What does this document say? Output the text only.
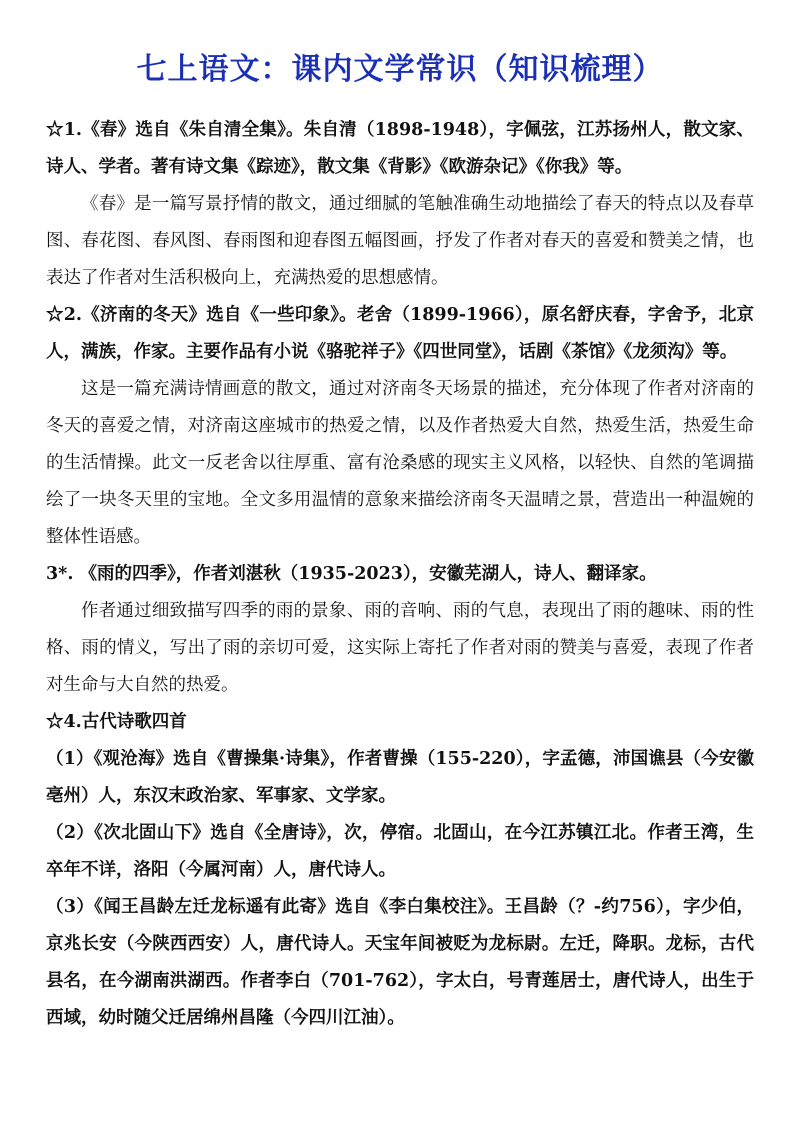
七上语文：课内文学常识（知识梳理）

☆1.《春》选自《朱自清全集》。朱自清（1898-1948），字佩弦，江苏扬州人，散文家、诗人、学者。著有诗文集《踪迹》，散文集《背影》《欧游杂记》《你我》等。

《春》是一篇写景抒情的散文，通过细腻的笔触准确生动地描绘了春天的特点以及春草图、春花图、春风图、春雨图和迎春图五幅图画，抒发了作者对春天的喜爱和赞美之情，也表达了作者对生活积极向上，充满热爱的思想感情。

☆2.《济南的冬天》选自《一些印象》。老舍（1899-1966），原名舒庆春，字舍予，北京人，满族，作家。主要作品有小说《骆驼祥子》《四世同堂》，话剧《茶馆》《龙须沟》等。

这是一篇充满诗情画意的散文，通过对济南冬天场景的描述，充分体现了作者对济南的冬天的喜爱之情，对济南这座城市的热爱之情，以及作者热爱大自然，热爱生活，热爱生命的生活情操。此文一反老舍以往厚重、富有沧桑感的现实主义风格，以轻快、自然的笔调描绘了一块冬天里的宝地。全文多用温情的意象来描绘济南冬天温晴之景，营造出一种温婉的整体性语感。

3*. 《雨的四季》，作者刘湛秋（1935-2023），安徽芜湖人，诗人、翻译家。

作者通过细致描写四季的雨的景象、雨的音响、雨的气息，表现出了雨的趣味、雨的性格、雨的情义，写出了雨的亲切可爱，这实际上寄托了作者对雨的赞美与喜爱，表现了作者对生命与大自然的热爱。

☆4.古代诗歌四首

（1）《观沧海》选自《曹操集·诗集》，作者曹操（155-220），字孟德，沛国谯县（今安徽亳州）人，东汉末政治家、军事家、文学家。

（2）《次北固山下》选自《全唐诗》，次，停宿。北固山，在今江苏镇江北。作者王湾，生卒年不详，洛阳（今属河南）人，唐代诗人。

（3）《闻王昌龄左迁龙标遥有此寄》选自《李白集校注》。王昌龄（？-约756），字少伯，京兆长安（今陕西西安）人，唐代诗人。天宝年间被贬为龙标尉。左迁，降职。龙标，古代县名，在今湖南洪湖西。作者李白（701-762），字太白，号青莲居士，唐代诗人，出生于西域，幼时随父迁居绵州昌隆（今四川江油）。
